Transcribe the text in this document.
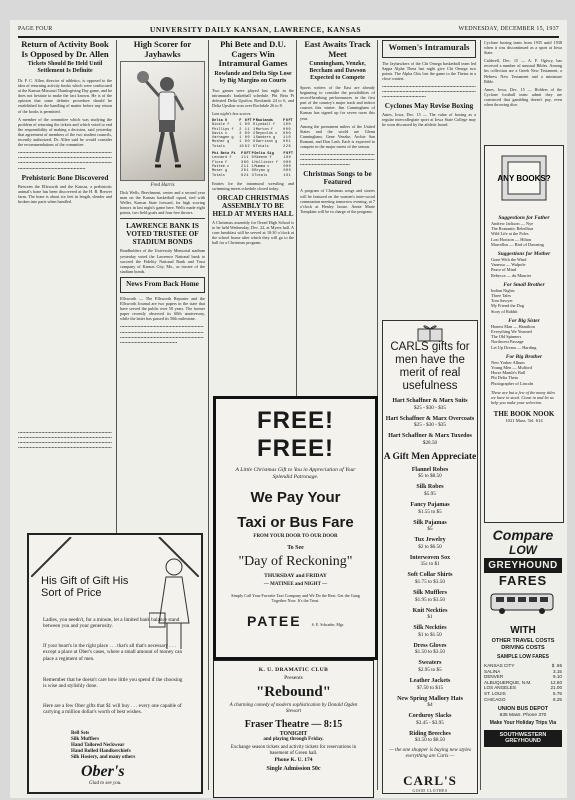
PAGE FOUR	UNIVERSITY DAILY KANSAN, LAWRENCE, KANSAS	WEDNESDAY, DECEMBER 15, 1937
Return of Activity Book Is Opposed by Dr. Allen
Tickets Should Be Held Until Settlement Is Definite
Dr. F. C. Allen, director of athletics, is opposed to the idea of returning activity books which were confiscated at the Kansas-Missouri Thanksgiving Day game, and he does not hesitate to make the fact known. He is of the opinion that some definite procedure should be established for the handling of matter before any return of the books is permitted.
A member of the committee which was studying the problem of returning the tickets and which voted to end the responsibility of making a decision, said yesterday that agreement of members of the two student councils, recently authorized, Dr. Allen said he would consider the recommendations of the committee.
••••••••••••••••••••••••••••••••••••••••••••••••••••••••••••••••••••••••••••••••••••••••••••••••••••••••••••••••••••••••••••••••••••••••••••••••••••••••••••••••••••••••••••••••••••••••••••••••••••••••••••••••••••••••••••••••••••••••••••••
Prehistoric Bone Discovered
Between the Ellsworth and the Kansas, a prehistoric animal's bone has been discovered at the H. B. Brewer farm. The bone is about six feet in length, slender and broken into parts when handled.
High Scorer for Jayhawks
Fred Harris
Dick Wells, Beechmont, center and a second year man on the Kansas basketball squad, tied with Weller, Kansas State forward, for high scoring honors in last night's game here. Wells made eight points, two field goals and four free throws.
LAWRENCE BANK IS VOTED TRUSTEE OF STADIUM BONDS
Bondholders of the University Memorial stadium yesterday voted the Lawrence National bank to succeed the Fidelity National Bank and Trust company of Kansas City, Mo., as trustee of the stadium bonds.
News From Back Home
Ellsworth — The Ellsworth Reporter and the Ellsworth Journal are two papers in the state that have served the public over 50 years. The former paper recently observed its 60th anniversary, while the latter has passed its 50th milestone.
••••••••••••••••••••••••••••••••••••••••••••••••••••••••••••••••••••••••••••••••••••••••••••••••••••••••••••••••••••••••••••••••••••••••••••••••••••••••••••••••••••••••••••••••••••••••••••••••••••••••••••••••••
Phi Bete and D.U. Cagers Win Intramural Games
Rowlande and Delta Sigs Lose by Big Margins on Courts
Two games were played last night in the intramurals basketball schedule. Phi Beta Pi defeated Delta Upsilon, Rowlands 24 to 6, and Delta Upsilon won over Rochdale 26 to 8.
Last night's box scores:
Delta U	F	G	FT	P	Rowlands	F	G	FT
Nickle f	1	0	0	0	Lyndall f	1	0	0
Phillips f	2	1	1	1	Morton f	0	0	0
Davis c	3	0	0	2	Reynolds c	0	0	0
Varhagen g	1	0	0	1	Sanders g	1	1	0
Mosher g	1	0	0	0	Garrison g	0	0	1
Totals	10	6	2	6	Totals	2	2	6
Phi Beta Pi	F	G	FT	P	Delta Sig	F	G	FT
Leonard f	1	1	1	0	Skeeve f	1	0	0
Flora f	3	0	0	1	Hollister f	0	0	0
Pattee c	2	1	1	1	Mumma c	0	0	0
Moser g	2	0	1	0	Bryan g	0	0	0
Totals	8	2	4	3	Totals	1	0	1
Entries for the intramural wrestling and swimming meets schedule closed today.
ORCAD CHRISTMAS ASSEMBLY TO BE HELD AT MYERS HALL
A Christmas assembly for Oread High School is to be held Wednesday, Dec. 22, at Myers hall. A corn breakfast will be served at 10:30 o'clock at the school house after which they will go to the hall for a Christmas program.
East Awaits Track Meet
Cunningham, Venzke, Beccham and Dawson Expected to Compete
Sports writers of the East are already beginning to consider the possibilities of record-breaking performances in the first part of the country's major track and indoor courses this winter. Jim Cunningham of Kansas has signed up for seven races this year.
Among the prominent milers of the United States and the world are Glenn Cunningham, Gene Venzke, Archie San Romani, and Don Lash. Each is expected to compete in the major meets of the season.
••••••••••••••••••••••••••••••••••••••••••••••••••••••••••••••••••••••••••••••••••••••••••••••••••••••••••••••••••••••••••••••••••••••••
Christmas Songs to be Featured
A program of Christmas songs and stories will be featured on the women's inter-social communion meeting tomorrow evening, at 7 o'clock at Henley house. Annie Marie Tompkins will be in charge of the program.
Women's Intramurals
The Jayhawkers of the Chi Omega basketball team led Sappa Alpha Theta last night give Chi Omega two points. The Alpha Chis lost the game to the Thetas in a close contest.
••••••••••••••••••••••••••••••••••••••••••••••••••••••••••••••••••••••••••••••••••••••••••••••••••••••••••••••••••••••••••••••••••••••••••••••••••••••••••••••
Cyclones May Revise Boxing
Ames, Iowa, Dec. 15 — The value of boxing as a regular intercollegiate sport at Iowa State College may be soon discussed by the athletic board.
Cyclone boxing team from 1935 until 1938 when it was discontinued as a sport at Iowa State.
Caldwell, Dec. 15 — A. F. Ogivry, has received a number of unusual Bibles. Among his collection are a Greek New Testament, a Hebrew New Testament and a miniature Bible.
Ames, Iowa, Dec. 15 — Holders of the Cyclone football team admit they are convinced that gambling doesn't pay, even when throwing dice.
ANY BOOKS?
Suggestions for Father
Andrew Jackson — Nye
The Romantic Rebellion
Wild Life at the Poles
Lost Horizon — Hilton
Marcellus — Bird of Dawning
Suggestions for Mother
Gone With the Wind
Vanessa — Walpole
Peace of Mind
Rebecca — du Maurier
For Small Brother
Indian Nights
Three Tales
Tom Sawyer
My Friend the Dog
Story of Rabbit
For Big Sister
Honest Man — Hamilton
Everything We Yearned
The Old Spinners
Northwest Passage
Let Up Dream — Harding
For Big Brother
New Yorker Album
Young Men — Mulford
Horse Mantle's Ball
Phi Delta Theta
Photographer of Lincoln
These are but a few of the many titles we have in stock. Come in and let us help you make your selection.
THE BOOK NOOK
1021 Mass. Tel. 614
Compare
LOW
GREYHOUND
FARES
WITH
OTHER TRAVEL COSTS DRIVING COSTS
SAMPLE LOW FARES
KANSAS CITY	$ .65
SALINA	3.15
DENVER	9.10
ALBUQUERQUE, N.M.	12.60
LOS ANGELES	21.00
ST. LOUIS	5.75
CHICAGO	8.25
UNION BUS DEPOT
635 Mass. Phone 370
Make Your Holiday Trips Via
SOUTHWESTERN GREYHOUND
CARLS gifts for men have the merit of real usefulness
Hart Schaffner & Marx Suits
$25 - $30 - $35
Hart Schaffner & Marx Overcoats
$25 - $30 - $35
Hart Schaffner & Marx Tuxedos
$28.50
A Gift Men Appreciate
Flannel Robes
$5 to $8.50
Silk Robes
$5.95
Fancy Pajamas
$1.55 to $5
Silk Pajamas
$5
Tux Jewelry
$2 to $6.50
Interwoven Sox
35c to $1
Soft Collar Shirts
$1.75 to $3.50
Silk Mufflers
$1.95 to $3.50
Knit Neckties
$1
Silk Neckties
$1 to $1.50
Dress Gloves
$1.50 to $3.50
Sweaters
$2.95 to $5
Leather Jackets
$7.50 to $15
New Spring Mallory Hats
$4
Corduroy Slacks
$3.45 - $3.95
Riding Breeches
$3.50 to $8.50
— the one shopper is buying new styles everything are Carls —
CARL'S
GOOD CLOTHES
FREE! FREE!
A Little Christmas Gift to You in Appreciation of Your Splendid Patronage.
We Pay Your
Taxi or Bus Fare
FROM YOUR DOOR TO OUR DOOR
To See
"Day of Reckoning"
THURSDAY and FRIDAY
— MATINEE and NIGHT —
Simply Call Your Favorite Taxi Company and We Do the Rest. Get the Gang Together Now. It's the Treat.
PATEE	S. E. Schrader, Mgr.
K. U. DRAMATIC CLUB
Presents
"Rebound"
A charming comedy of modern sophistication by Donald Ogden Stewart
Fraser Theatre — 8:15
TONIGHT
and playing through Friday.
Exchange season tickets and activity tickets for reservations in basement of Green hall.
Phone K. U. 174
Single Admission 50c
His Gift of Gift His Sort of Price
Ladies, you needn't, for a minute, let a limited bank balance stand between you and your generosity.
If your heart's in the right place . . . that's all that's necessary . . . except a place at Ober's cases, where a small amount of money can place a regiment of men.
Remember that he doesn't care how little you spend if the choosing is wise and stylishly done.
Here are a few Ober gifts that $1 will buy . . . every one capable of carrying a million dollar's worth of best wishes.
Bell Sets
Silk Mufflers
Hand Tailored Neckwear
Hand Rolled Handkerchiefs
Silk Hosiery, and many others
Ober's
Glad to see you.
••••••••••••••••••••••••••••••••••••••••••••••••••••••••••••••••••••••••••••••••••••••••••••••••••••••••••••••••••••••••••••••••••••••••••••••••••••••••••••••••••••••••••••••••••••••••••••••••••••••••••••••••••••••••••••••••••••••••••••••••••••••••••••••••
